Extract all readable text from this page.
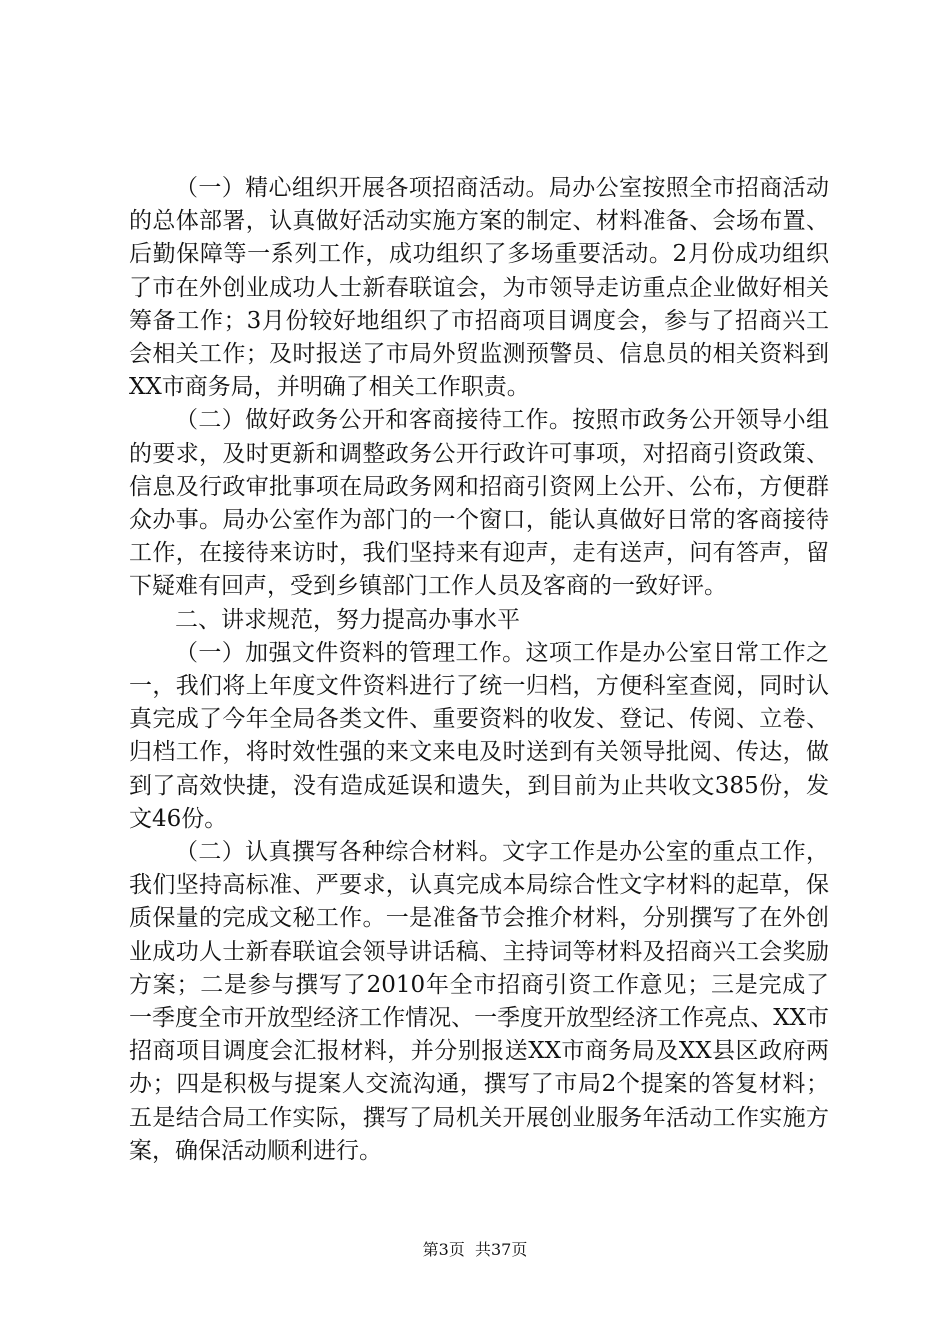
（一）精心组织开展各项招商活动。局办公室按照全市招商活动的总体部署，认真做好活动实施方案的制定、材料准备、会场布置、后勤保障等一系列工作，成功组织了多场重要活动。2月份成功组织了市在外创业成功人士新春联谊会，为市领导走访重点企业做好相关筹备工作；3月份较好地组织了市招商项目调度会，参与了招商兴工会相关工作；及时报送了市局外贸监测预警员、信息员的相关资料到XX市商务局，并明确了相关工作职责。

（二）做好政务公开和客商接待工作。按照市政务公开领导小组的要求，及时更新和调整政务公开行政许可事项，对招商引资政策、信息及行政审批事项在局政务网和招商引资网上公开、公布，方便群众办事。局办公室作为部门的一个窗口，能认真做好日常的客商接待工作，在接待来访时，我们坚持来有迎声，走有送声，问有答声，留下疑难有回声，受到乡镇部门工作人员及客商的一致好评。

二、讲求规范，努力提高办事水平

（一）加强文件资料的管理工作。这项工作是办公室日常工作之一，我们将上年度文件资料进行了统一归档，方便科室查阅，同时认真完成了今年全局各类文件、重要资料的收发、登记、传阅、立卷、归档工作，将时效性强的来文来电及时送到有关领导批阅、传达，做到了高效快捷，没有造成延误和遗失，到目前为止共收文385份，发文46份。

（二）认真撰写各种综合材料。文字工作是办公室的重点工作，我们坚持高标准、严要求，认真完成本局综合性文字材料的起草，保质保量的完成文秘工作。一是准备节会推介材料，分别撰写了在外创业成功人士新春联谊会领导讲话稿、主持词等材料及招商兴工会奖励方案；二是参与撰写了2010年全市招商引资工作意见；三是完成了一季度全市开放型经济工作情况、一季度开放型经济工作亮点、XX市招商项目调度会汇报材料，并分别报送XX市商务局及XX县区政府两办；四是积极与提案人交流沟通，撰写了市局2个提案的答复材料；五是结合局工作实际，撰写了局机关开展创业服务年活动工作实施方案，确保活动顺利进行。

第3页  共37页
